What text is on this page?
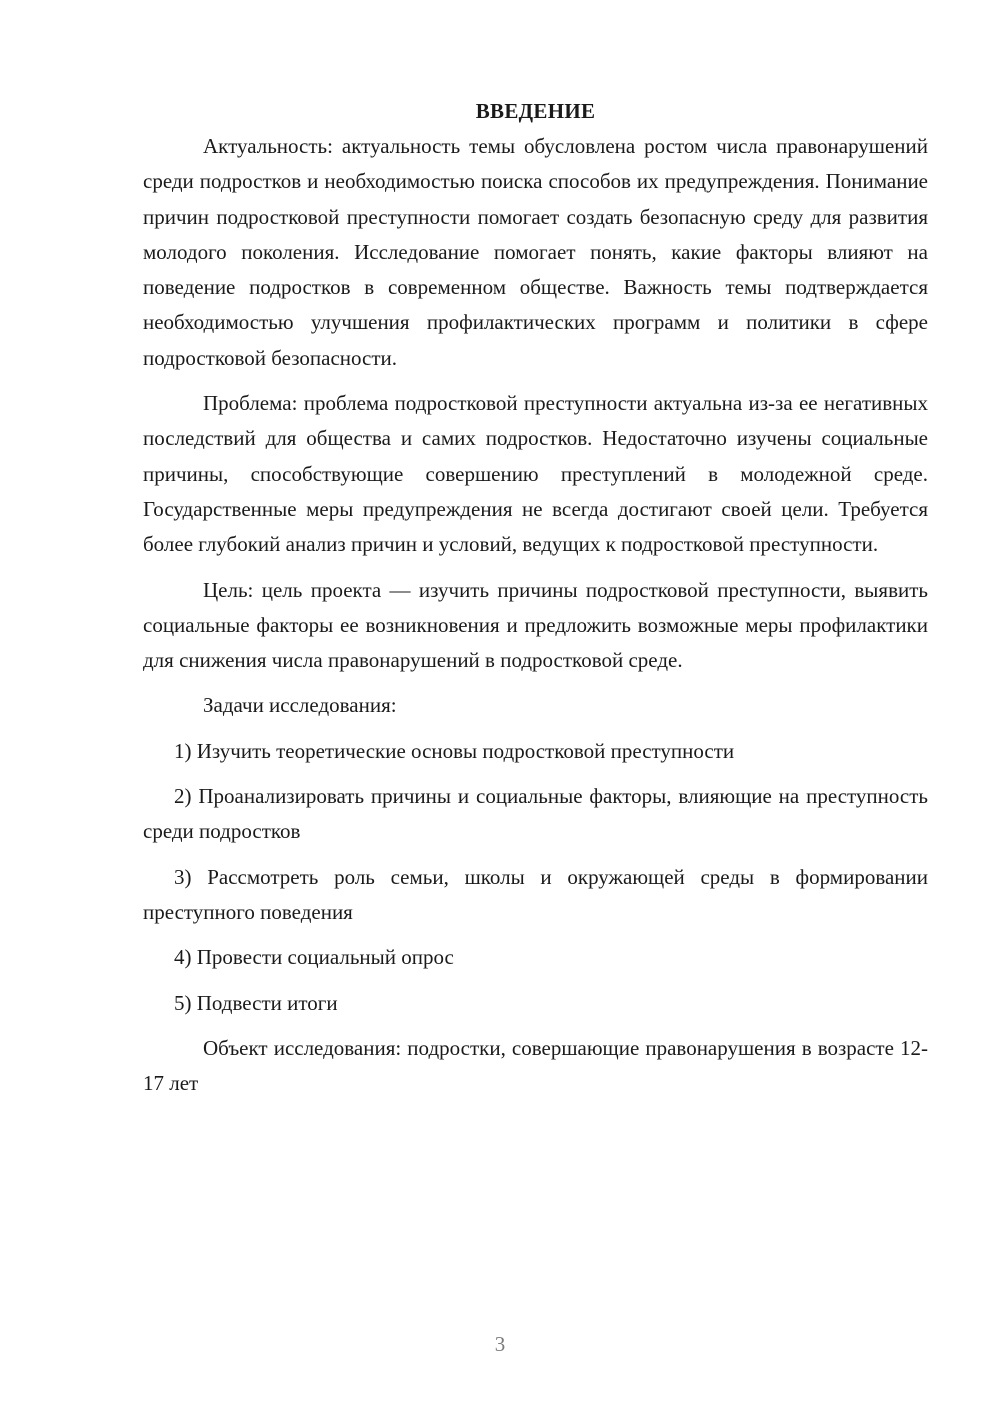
ВВЕДЕНИЕ

Актуальность: актуальность темы обусловлена ростом числа правонарушений среди подростков и необходимостью поиска способов их предупреждения. Понимание причин подростковой преступности помогает создать безопасную среду для развития молодого поколения. Исследование помогает понять, какие факторы влияют на поведение подростков в современном обществе. Важность темы подтверждается необходимостью улучшения профилактических программ и политики в сфере подростковой безопасности.

Проблема: проблема подростковой преступности актуальна из-за ее негативных последствий для общества и самих подростков. Недостаточно изучены социальные причины, способствующие совершению преступлений в молодежной среде. Государственные меры предупреждения не всегда достигают своей цели. Требуется более глубокий анализ причин и условий, ведущих к подростковой преступности.

Цель: цель проекта — изучить причины подростковой преступности, выявить социальные факторы ее возникновения и предложить возможные меры профилактики для снижения числа правонарушений в подростковой среде.

Задачи исследования:

1) Изучить теоретические основы подростковой преступности

2) Проанализировать причины и социальные факторы, влияющие на преступность среди подростков

3) Рассмотреть роль семьи, школы и окружающей среды в формировании преступного поведения

4) Провести социальный опрос

5) Подвести итоги

Объект исследования: подростки, совершающие правонарушения в возрасте 12-17 лет

3
